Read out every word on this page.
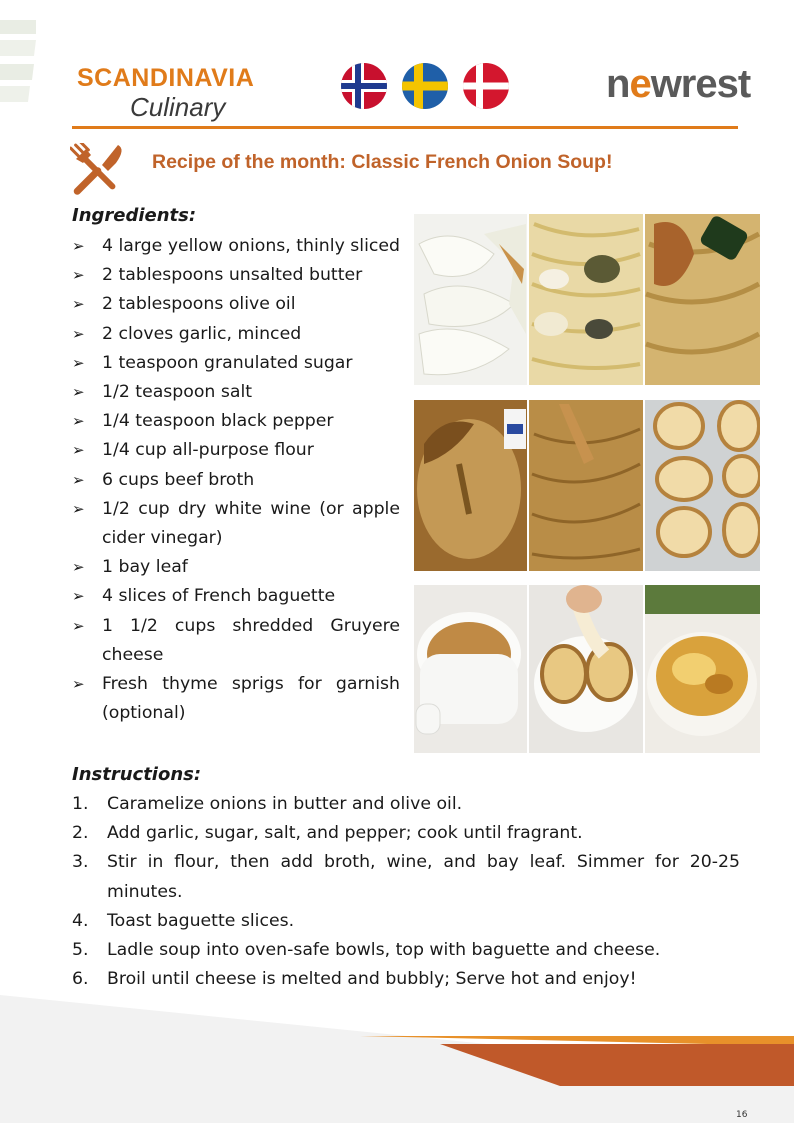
SCANDINAVIA
Culinary
newrest
Recipe of the month: Classic French Onion Soup!
Ingredients:
➢ 4 large yellow onions, thinly sliced
➢ 2 tablespoons unsalted butter
➢ 2 tablespoons olive oil
➢ 2 cloves garlic, minced
➢ 1 teaspoon granulated sugar
➢ 1/2 teaspoon salt
➢ 1/4 teaspoon black pepper
➢ 1/4 cup all-purpose flour
➢ 6 cups beef broth
➢ 1/2 cup dry white wine (or apple cider vinegar)
➢ 1 bay leaf
➢ 4 slices of French baguette
➢ 1 1/2 cups shredded Gruyere cheese
➢ Fresh thyme sprigs for garnish (optional)
Instructions:
1. Caramelize onions in butter and olive oil.
2. Add garlic, sugar, salt, and pepper; cook until fragrant.
3. Stir in flour, then add broth, wine, and bay leaf. Simmer for 20-25 minutes.
4. Toast baguette slices.
5. Ladle soup into oven-safe bowls, top with baguette and cheese.
6. Broil until cheese is melted and bubbly; Serve hot and enjoy!
16
